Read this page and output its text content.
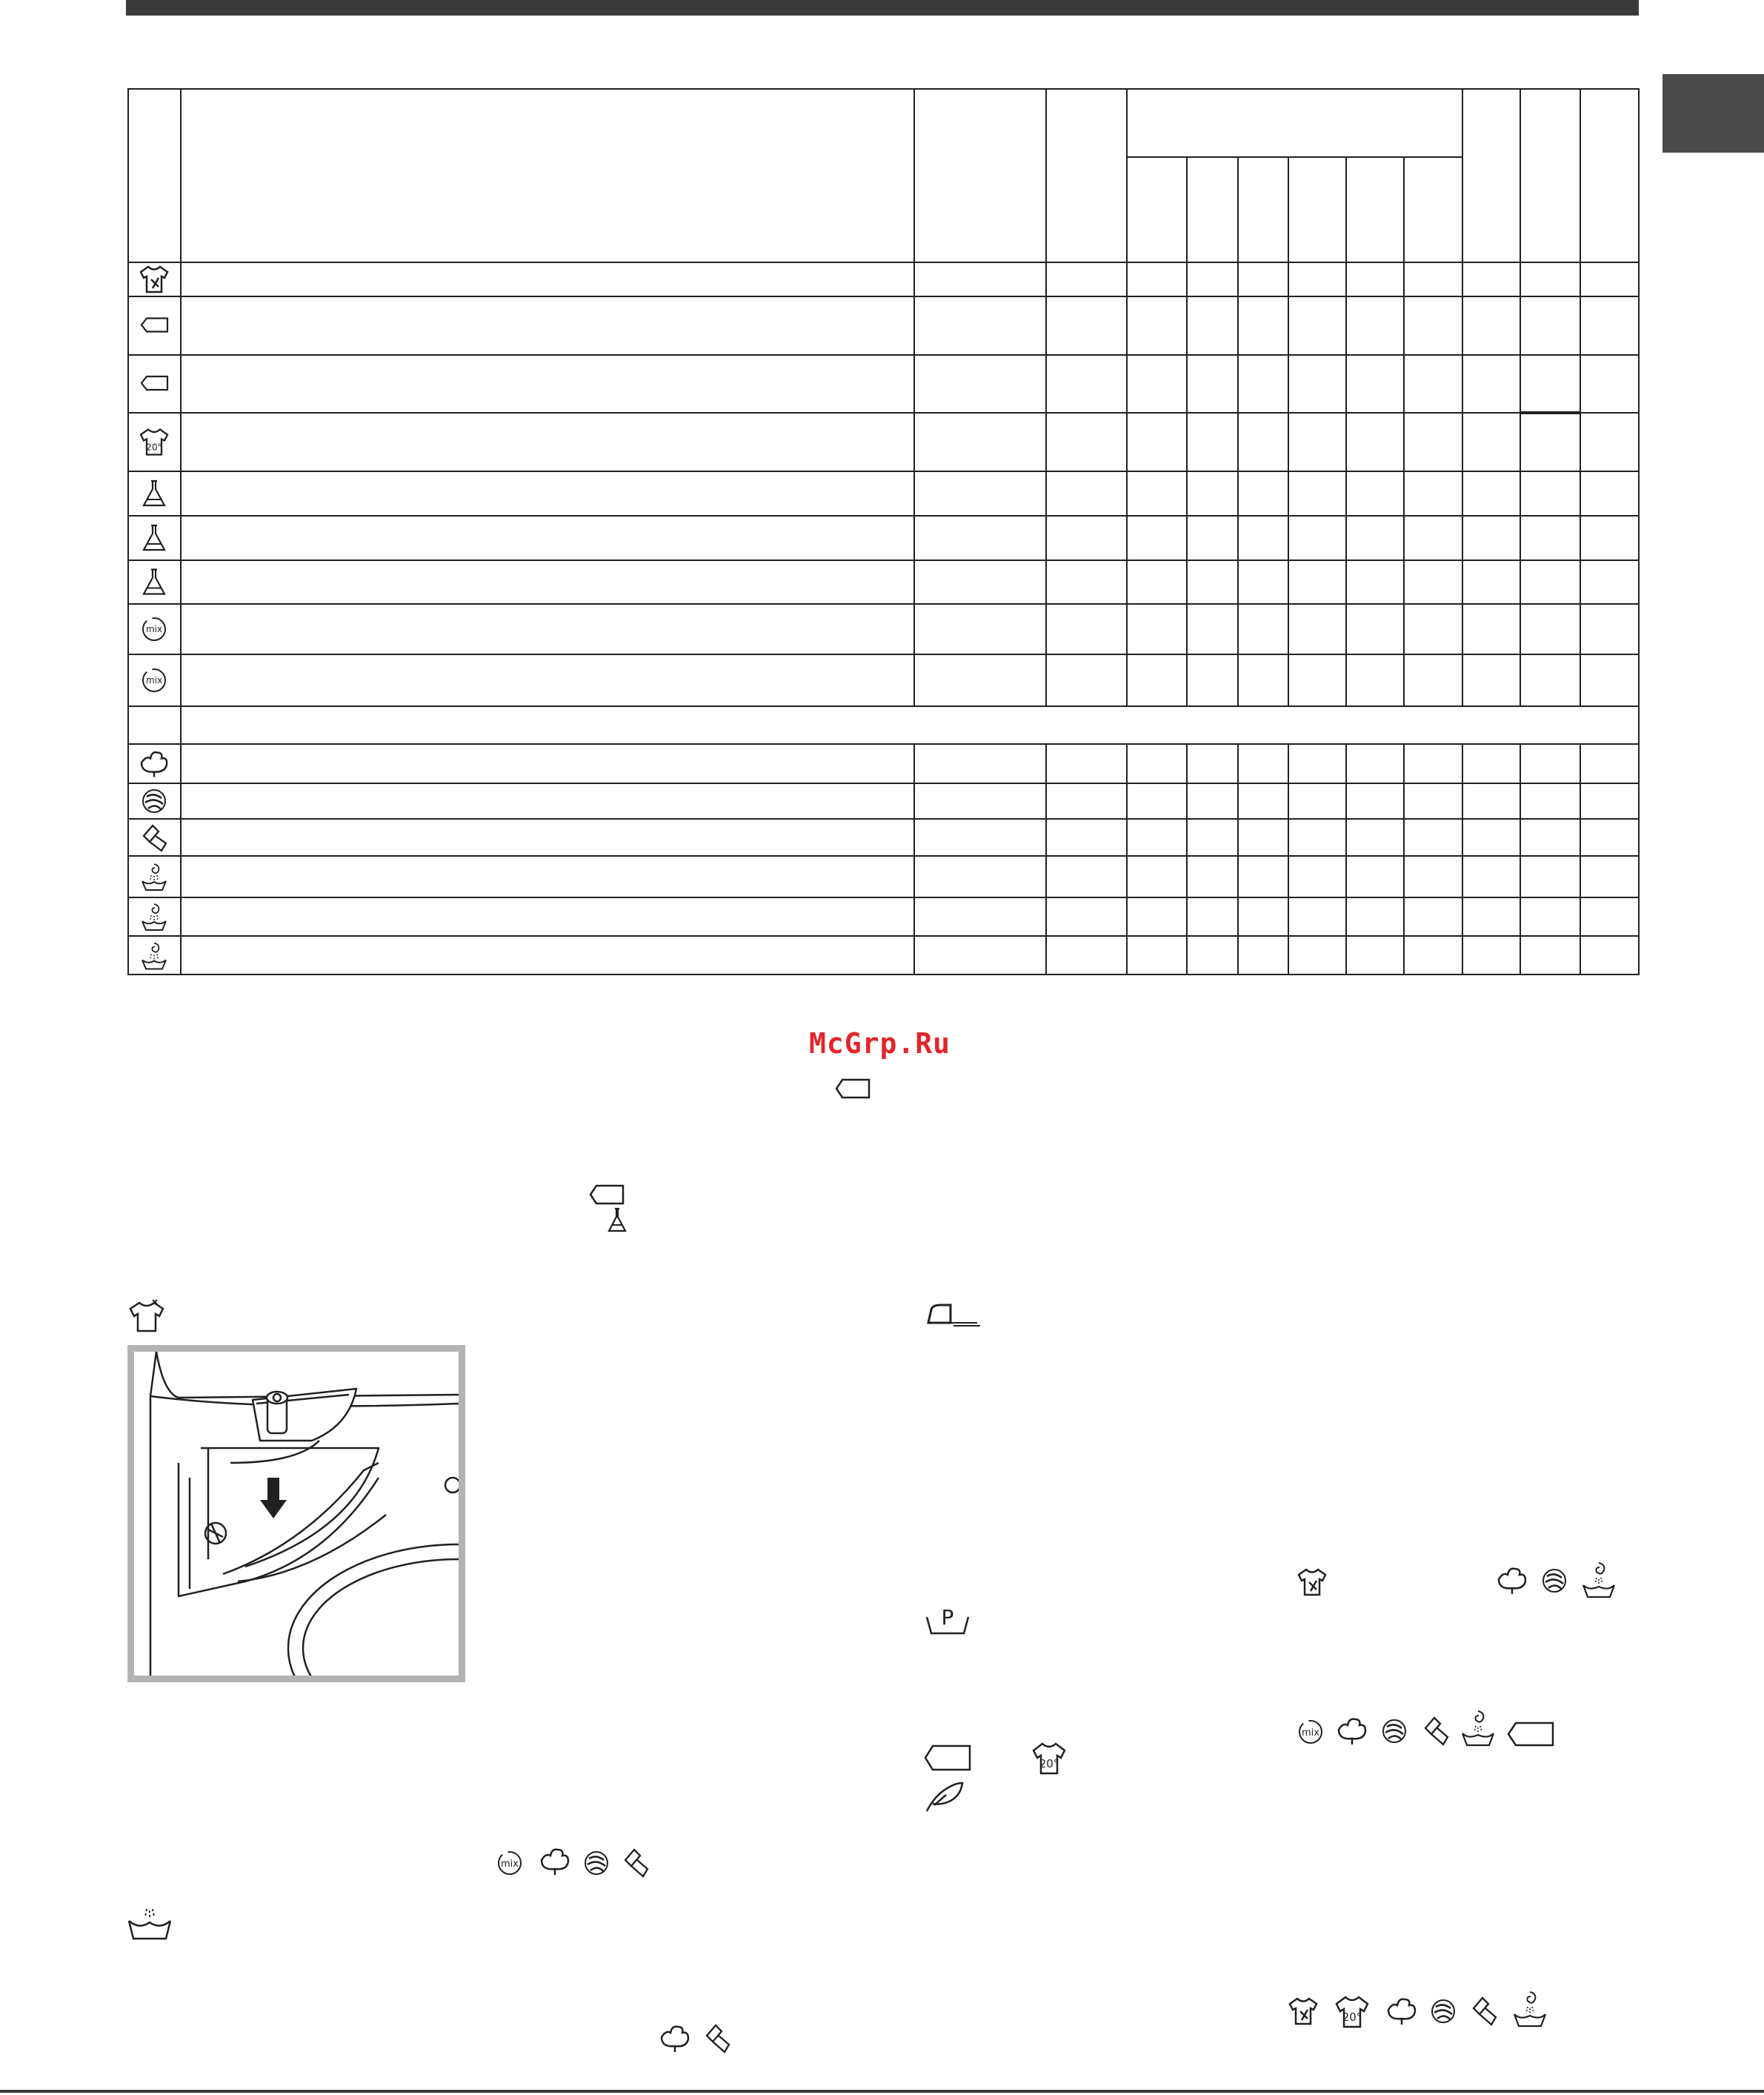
20°
mix
mix
McGrp.Ru
P
mix
20°
mix
20°
